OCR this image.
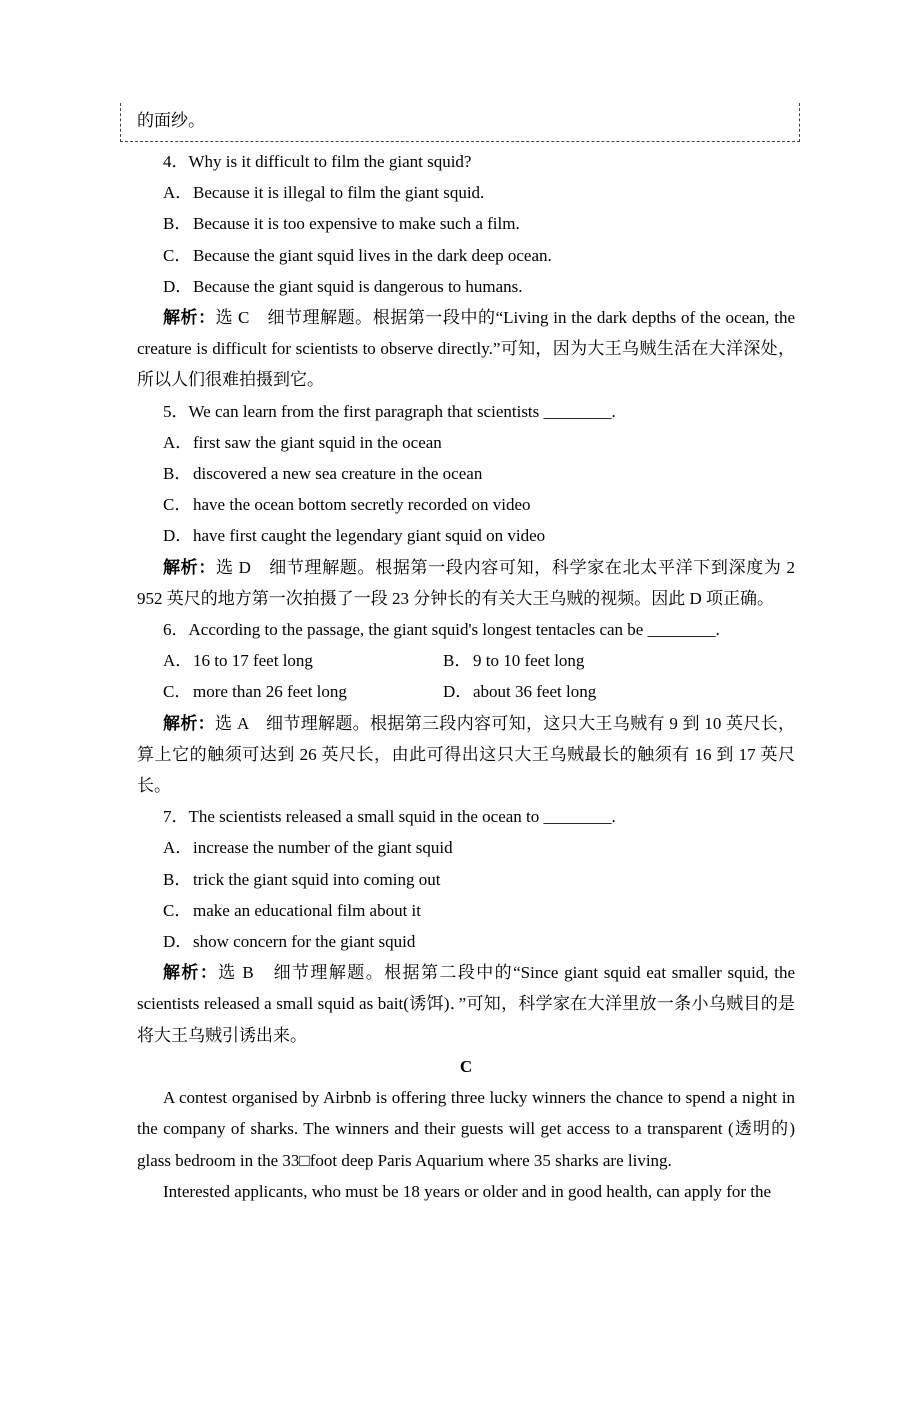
的面纱。

4．Why is it difficult to film the giant squid?

A．Because it is illegal to film the giant squid.

B．Because it is too expensive to make such a film.

C．Because the giant squid lives in the dark deep ocean.

D．Because the giant squid is dangerous to humans.

解析：选 C　细节理解题。根据第一段中的“Living in the dark depths of the ocean, the creature is difficult for scientists to observe directly.”可知，因为大王乌贼生活在大洋深处，所以人们很难拍摄到它。

5．We can learn from the first paragraph that scientists ________.

A．first saw the giant squid in the ocean

B．discovered a new sea creature in the ocean

C．have the ocean bottom secretly recorded on video

D．have first caught the legendary giant squid on video

解析：选 D　细节理解题。根据第一段内容可知，科学家在北太平洋下到深度为 2 952 英尺的地方第一次拍摄了一段 23 分钟长的有关大王乌贼的视频。因此 D 项正确。

6．According to the passage, the giant squid's longest tentacles can be ________.

A．16 to 17 feet long	B．9 to 10 feet long

C．more than 26 feet long	D．about 36 feet long

解析：选 A　细节理解题。根据第三段内容可知，这只大王乌贼有 9 到 10 英尺长，算上它的触须可达到 26 英尺长，由此可得出这只大王乌贼最长的触须有 16 到 17 英尺长。

7．The scientists released a small squid in the ocean to ________.

A．increase the number of the giant squid

B．trick the giant squid into coming out

C．make an educational film about it

D．show concern for the giant squid

解析：选 B　细节理解题。根据第二段中的“Since giant squid eat smaller squid, the scientists released a small squid as bait(诱饵)．”可知，科学家在大洋里放一条小乌贼目的是将大王乌贼引诱出来。

C

A contest organised by Airbnb is offering three lucky winners the chance to spend a night in the company of sharks. The winners and their guests will get access to a transparent (透明的) glass bedroom in the 33□foot deep Paris Aquarium where 35 sharks are living.

Interested applicants, who must be 18 years or older and in good health, can apply for the
